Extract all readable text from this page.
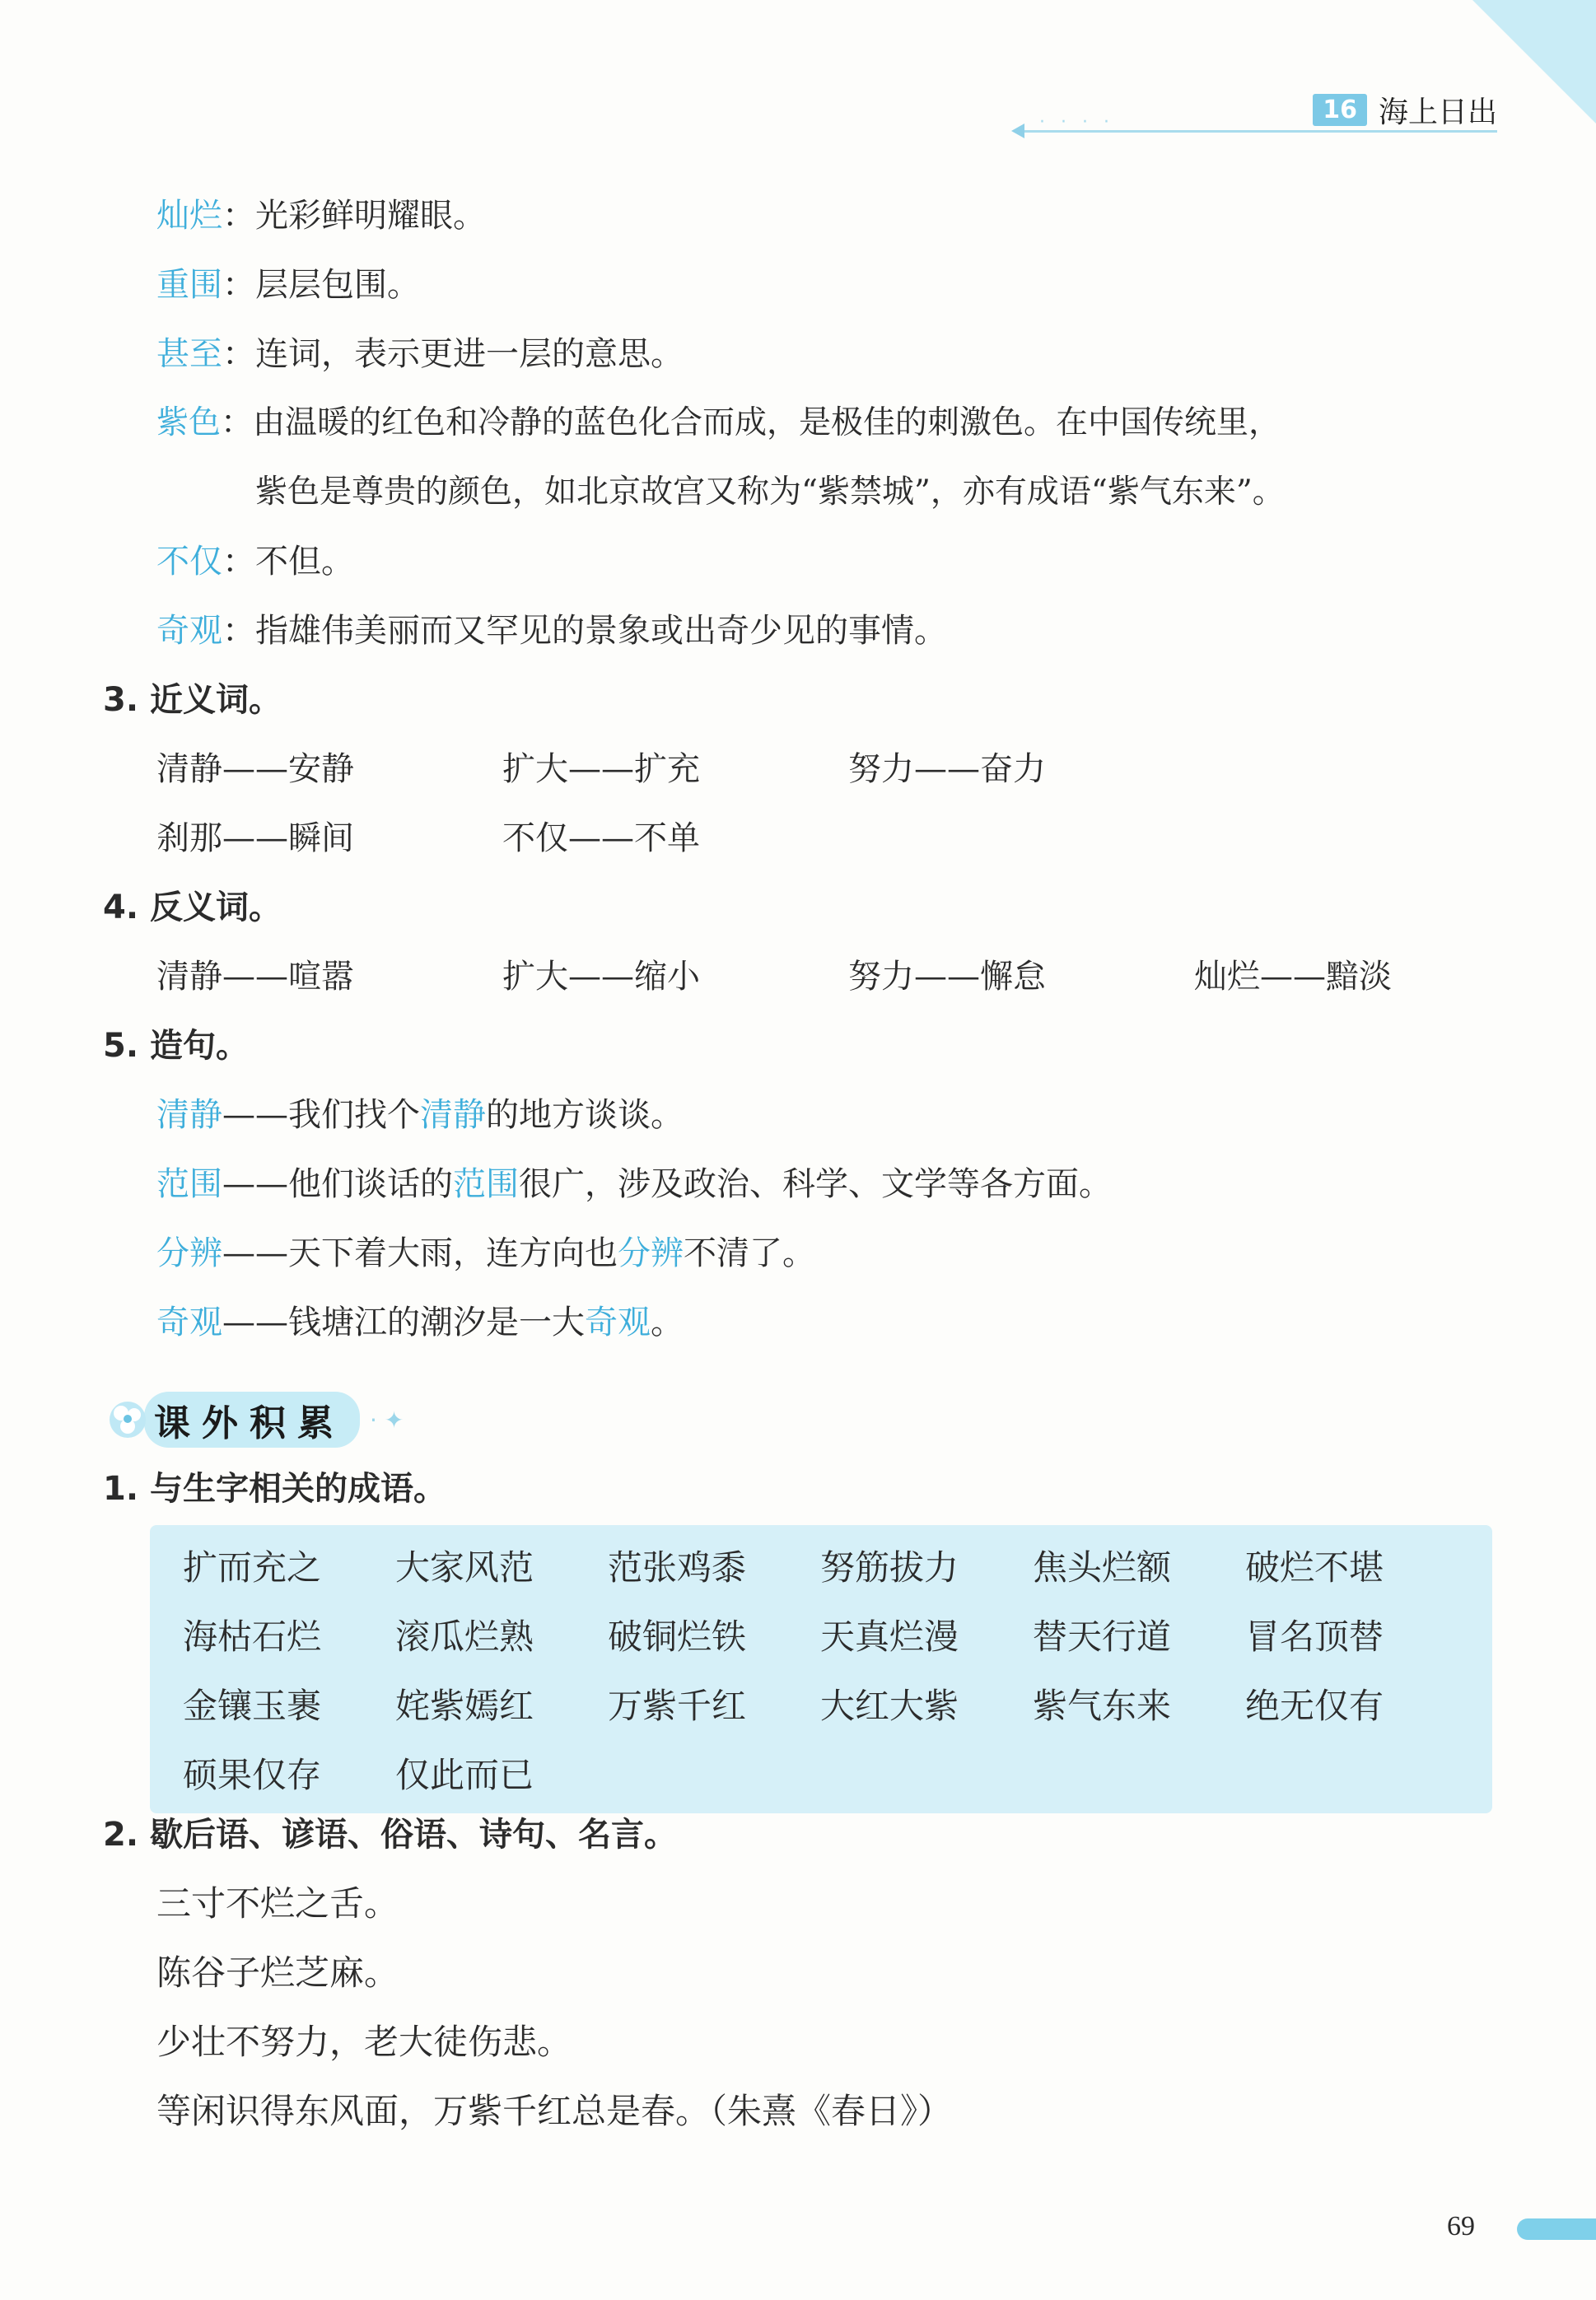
16 海上日出
· · · ·
灿烂：光彩鲜明耀眼。
重围：层层包围。
甚至：连词，表示更进一层的意思。
紫色：由温暖的红色和冷静的蓝色化合而成，是极佳的刺激色。在中国传统里，
紫色是尊贵的颜色，如北京故宫又称为“紫禁城”，亦有成语“紫气东来”。
不仅：不但。
奇观：指雄伟美丽而又罕见的景象或出奇少见的事情。
3. 近义词。
清静——安静	扩大——扩充	努力——奋力
刹那——瞬间	不仅——不单
4. 反义词。
清静——喧嚣	扩大——缩小	努力——懈怠	灿烂——黯淡
5. 造句。
清静——我们找个清静的地方谈谈。
范围——他们谈话的范围很广，涉及政治、科学、文学等各方面。
分辨——天下着大雨，连方向也分辨不清了。
奇观——钱塘江的潮汐是一大奇观。
课外积累	· ✦
1. 与生字相关的成语。
扩而充之	大家风范	范张鸡黍	努筋拔力	焦头烂额	破烂不堪
海枯石烂	滚瓜烂熟	破铜烂铁	天真烂漫	替天行道	冒名顶替
金镶玉裹	姹紫嫣红	万紫千红	大红大紫	紫气东来	绝无仅有
硕果仅存	仅此而已
2. 歇后语、谚语、俗语、诗句、名言。
三寸不烂之舌。
陈谷子烂芝麻。
少壮不努力，老大徒伤悲。
等闲识得东风面，万紫千红总是春。（朱熹《春日》）
69
